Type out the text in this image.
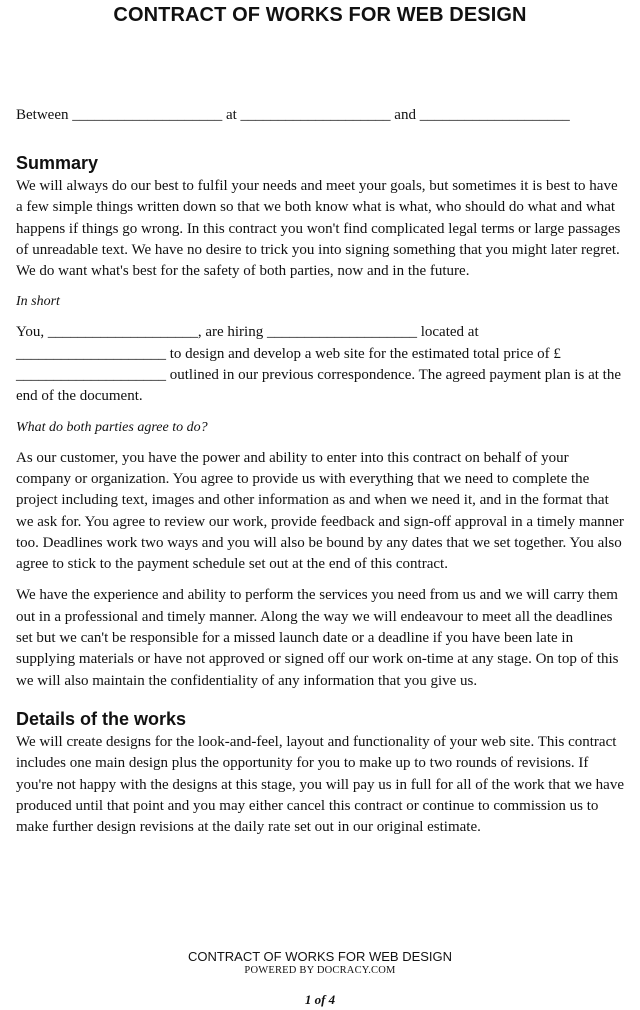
CONTRACT OF WORKS FOR WEB DESIGN

Between ____________________ at ____________________ and ____________________

Summary

We will always do our best to fulfil your needs and meet your goals, but sometimes it is best to have a few simple things written down so that we both know what is what, who should do what and what happens if things go wrong. In this contract you won't find complicated legal terms or large passages of unreadable text. We have no desire to trick you into signing something that you might later regret. We do want what's best for the safety of both parties, now and in the future.

In short

You, ____________________, are hiring ____________________ located at ____________________ to design and develop a web site for the estimated total price of £ ____________________ outlined in our previous correspondence. The agreed payment plan is at the end of the document.

What do both parties agree to do?

As our customer, you have the power and ability to enter into this contract on behalf of your company or organization. You agree to provide us with everything that we need to complete the project including text, images and other information as and when we need it, and in the format that we ask for. You agree to review our work, provide feedback and sign-off approval in a timely manner too. Deadlines work two ways and you will also be bound by any dates that we set together. You also agree to stick to the payment schedule set out at the end of this contract.

We have the experience and ability to perform the services you need from us and we will carry them out in a professional and timely manner. Along the way we will endeavour to meet all the deadlines set but we can't be responsible for a missed launch date or a deadline if you have been late in supplying materials or have not approved or signed off our work on-time at any stage. On top of this we will also maintain the confidentiality of any information that you give us.

Details of the works

We will create designs for the look-and-feel, layout and functionality of your web site. This contract includes one main design plus the opportunity for you to make up to two rounds of revisions. If you're not happy with the designs at this stage, you will pay us in full for all of the work that we have produced until that point and you may either cancel this contract or continue to commission us to make further design revisions at the daily rate set out in our original estimate.

CONTRACT OF WORKS FOR WEB DESIGN
POWERED BY DOCRACY.COM
1 of 4
